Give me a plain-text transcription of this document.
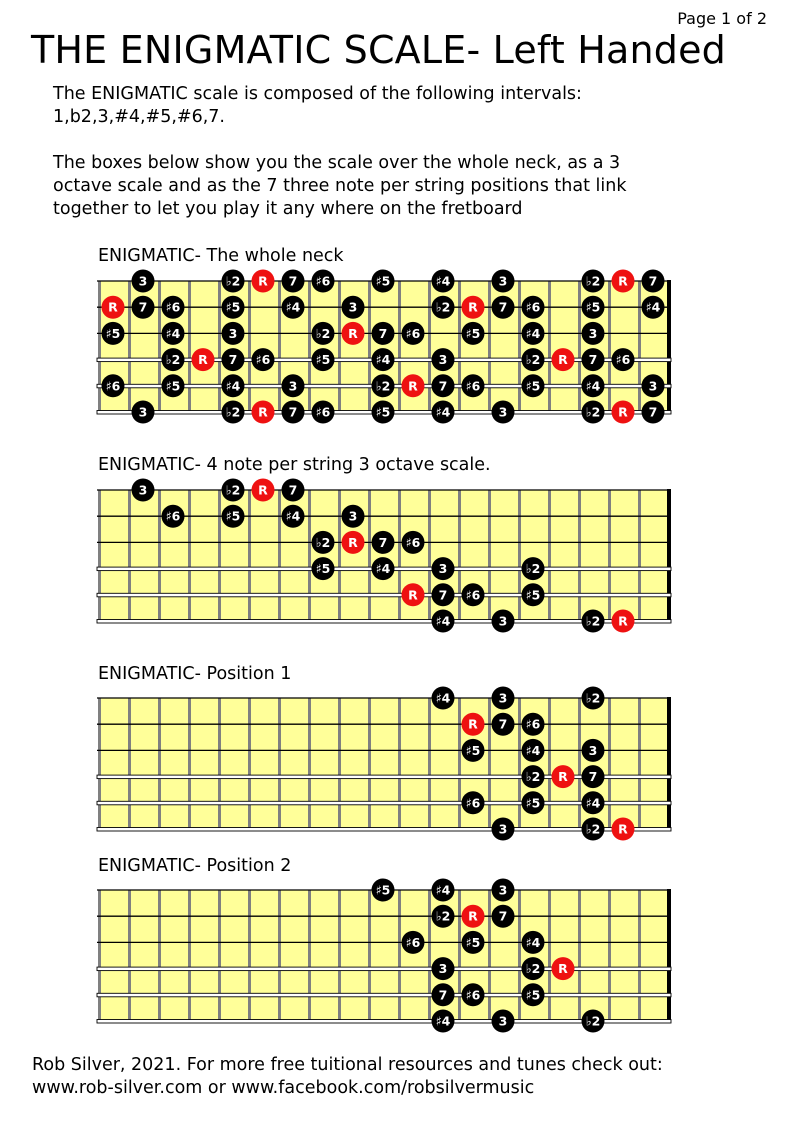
Page 1 of 2
THE ENIGMATIC SCALE- Left Handed
The ENIGMATIC scale is composed of the following intervals:
1,b2,3,#4,#5,#6,7.
The boxes below show you the scale over the whole neck, as a 3
octave scale and as the 7 three note per string positions that link
together to let you play it any where on the fretboard
ENIGMATIC- The whole neck
3	♭2 R 7 ♯6	♯5	♯4	3	♭2 R 7
R 7 ♯6	♯5	♯4	3	♭2 R 7 ♯6	♯5	♯4
♯5	♯4	3	♭2 R 7 ♯6	♯5	♯4	3
♭2 R 7 ♯6	♯5	♯4	3	♭2 R 7 ♯6
♯6	♯5	♯4	3	♭2 R 7 ♯6	♯5	♯4	3
3	♭2 R 7 ♯6	♯5	♯4	3	♭2 R 7
ENIGMATIC- 4 note per string 3 octave scale.
3	♭2 R 7
♯6	♯5	♯4	3
♭2 R 7 ♯6
♯5	♯4	3	♭2
R 7 ♯6	♯5
♯4	3	♭2 R
ENIGMATIC- Position 1
♯4	3	♭2
R 7 ♯6
♯5	♯4	3
♭2 R 7
♯6	♯5	♯4
3	♭2 R
ENIGMATIC- Position 2
♯5	♯4	3
♭2 R 7
♯6	♯5	♯4
3	♭2 R
7 ♯6	♯5
♯4	3	♭2
Rob Silver, 2021. For more free tuitional resources and tunes check out:
www.rob-silver.com or www.facebook.com/robsilvermusic
